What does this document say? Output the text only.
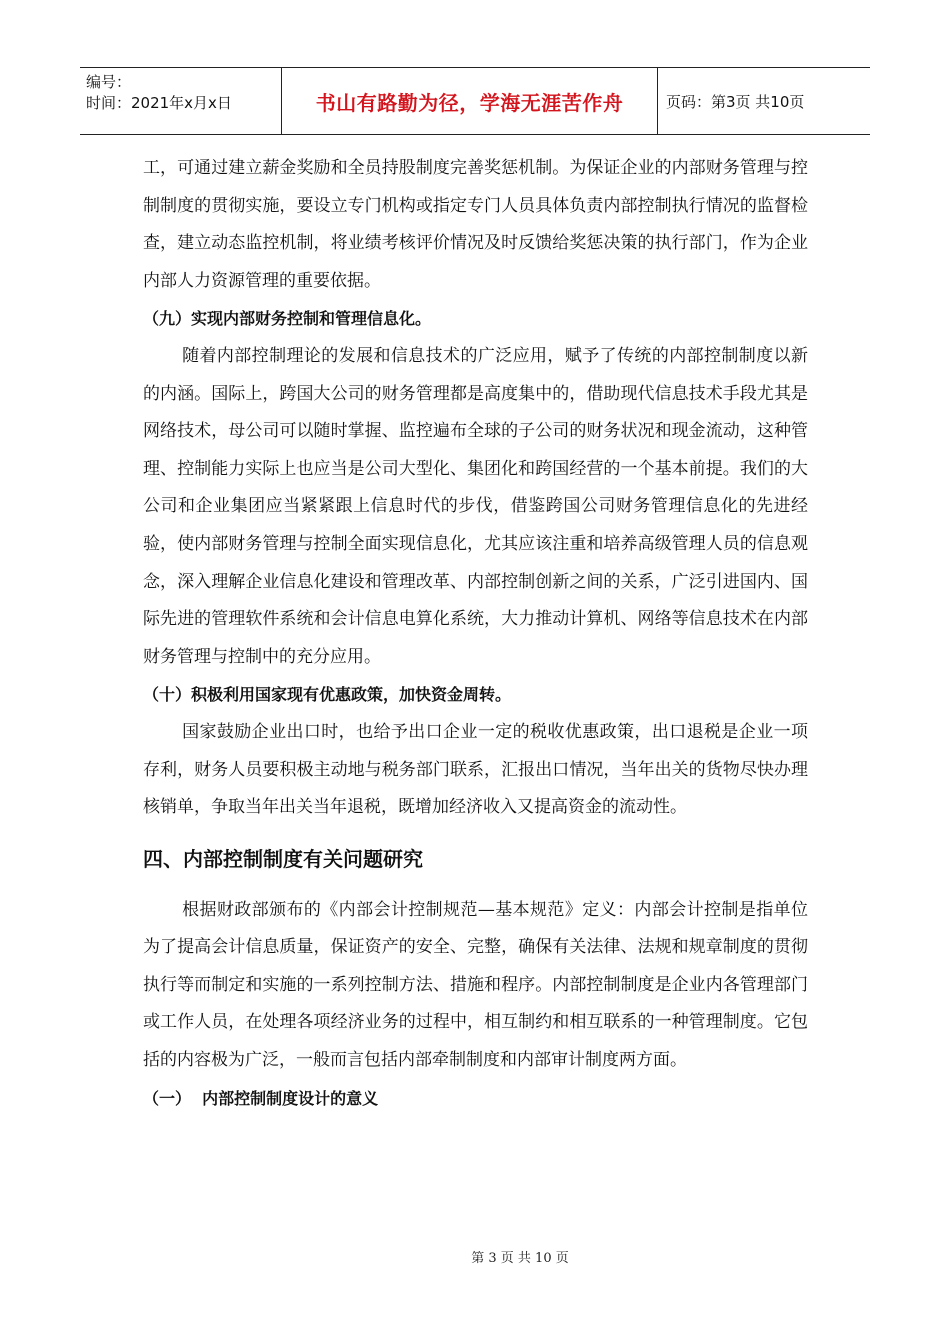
编号：
时间：2021年x月x日	书山有路勤为径，学海无涯苦作舟	页码：第3页 共10页

工，可通过建立薪金奖励和全员持股制度完善奖惩机制。为保证企业的内部财务管理与控制制度的贯彻实施，要设立专门机构或指定专门人员具体负责内部控制执行情况的监督检查，建立动态监控机制，将业绩考核评价情况及时反馈给奖惩决策的执行部门，作为企业内部人力资源管理的重要依据。

（九）实现内部财务控制和管理信息化。

随着内部控制理论的发展和信息技术的广泛应用，赋予了传统的内部控制制度以新的内涵。国际上，跨国大公司的财务管理都是高度集中的，借助现代信息技术手段尤其是网络技术，母公司可以随时掌握、监控遍布全球的子公司的财务状况和现金流动，这种管理、控制能力实际上也应当是公司大型化、集团化和跨国经营的一个基本前提。我们的大公司和企业集团应当紧紧跟上信息时代的步伐，借鉴跨国公司财务管理信息化的先进经验，使内部财务管理与控制全面实现信息化，尤其应该注重和培养高级管理人员的信息观念，深入理解企业信息化建设和管理改革、内部控制创新之间的关系，广泛引进国内、国际先进的管理软件系统和会计信息电算化系统，大力推动计算机、网络等信息技术在内部财务管理与控制中的充分应用。

（十）积极利用国家现有优惠政策，加快资金周转。

国家鼓励企业出口时，也给予出口企业一定的税收优惠政策，出口退税是企业一项存利，财务人员要积极主动地与税务部门联系，汇报出口情况，当年出关的货物尽快办理核销单，争取当年出关当年退税，既增加经济收入又提高资金的流动性。

四、内部控制制度有关问题研究

根据财政部颁布的《内部会计控制规范—基本规范》定义：内部会计控制是指单位为了提高会计信息质量，保证资产的安全、完整，确保有关法律、法规和规章制度的贯彻执行等而制定和实施的一系列控制方法、措施和程序。内部控制制度是企业内各管理部门或工作人员，在处理各项经济业务的过程中，相互制约和相互联系的一种管理制度。它包括的内容极为广泛，一般而言包括内部牵制制度和内部审计制度两方面。

（一）  内部控制制度设计的意义

第 3 页 共 10 页
